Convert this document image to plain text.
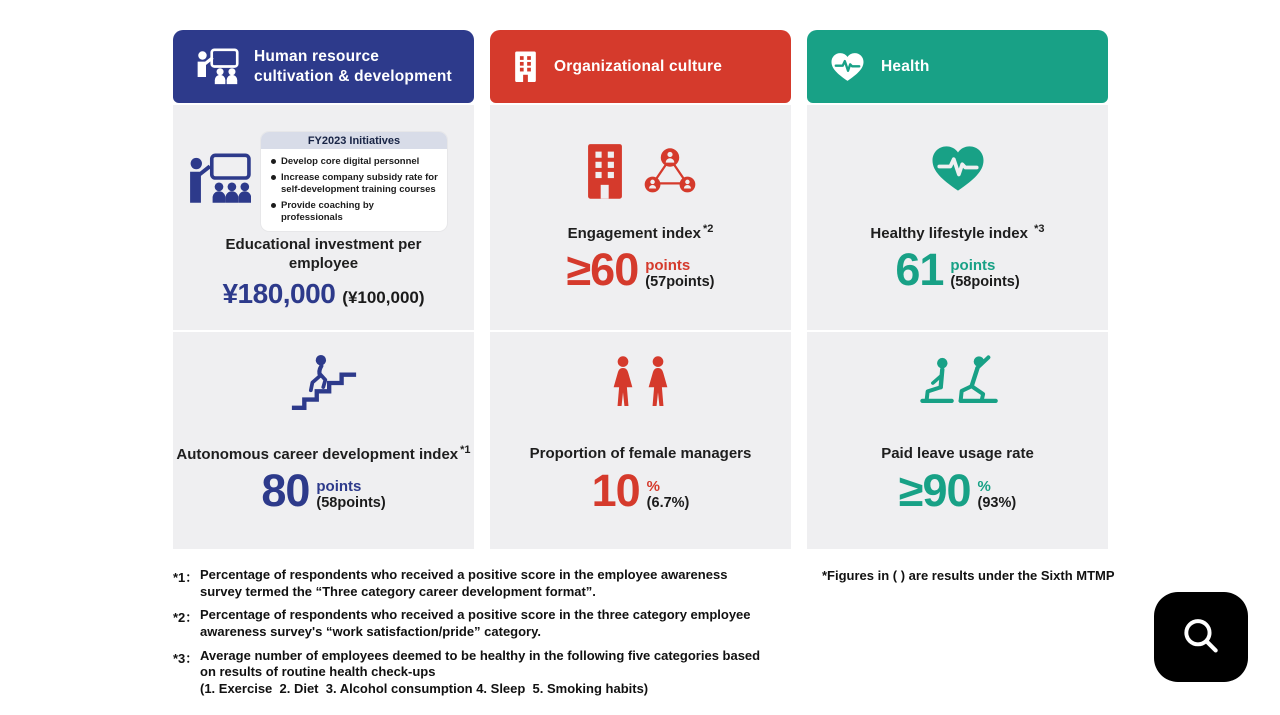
Human resource cultivation & development
FY2023 Initiatives
Develop core digital personnel
Increase company subsidy rate for self-development training courses
Provide coaching by professionals
Educational investment per employee
¥180,000 (¥100,000)
Autonomous career development index $^{*1}$
80 points
(58points)
Organizational culture
Engagement index $^{*2}$
≥60 points
(57points)
Proportion of female managers
10 %
(6.7%)
Health
Healthy lifestyle index $^{*3}$
61 points
(58points)
Paid leave usage rate
≥90 %
(93%)
*1： Percentage of respondents who received a positive score in the employee awareness survey termed the “Three category career development format”.
*2： Percentage of respondents who received a positive score in the three category employee awareness survey's “work satisfaction/pride” category.
*3： Average number of employees deemed to be healthy in the following five categories based on results of routine health check-ups
(1. Exercise  2. Diet  3. Alcohol consumption 4. Sleep  5. Smoking habits)
*Figures in ( ) are results under the Sixth MTMP
